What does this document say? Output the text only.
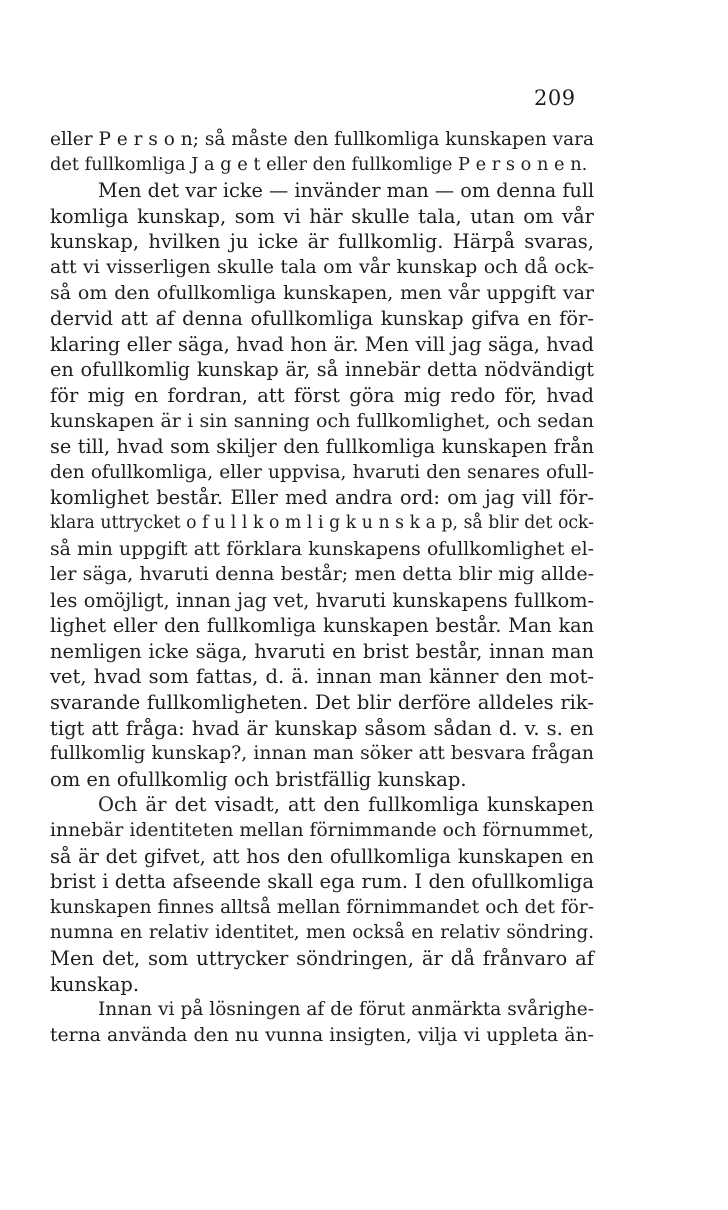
209
eller P e r s o n; så måste den fullkomliga kunskapen vara
det fullkomliga J a g e t eller den fullkomlige P e r s o n e n.
Men det var icke — invänder man — om denna full
komliga kunskap, som vi här skulle tala, utan om vår
kunskap, hvilken ju icke är fullkomlig. Härpå svaras,
att vi visserligen skulle tala om vår kunskap och då ock-
så om den ofullkomliga kunskapen, men vår uppgift var
dervid att af denna ofullkomliga kunskap gifva en för-
klaring eller säga, hvad hon är. Men vill jag säga, hvad
en ofullkomlig kunskap är, så innebär detta nödvändigt
för mig en fordran, att först göra mig redo för, hvad
kunskapen är i sin sanning och fullkomlighet, och sedan
se till, hvad som skiljer den fullkomliga kunskapen från
den ofullkomliga, eller uppvisa, hvaruti den senares ofull-
komlighet består. Eller med andra ord: om jag vill för-
klara uttrycket o f u l l k o m l i g k u n s k a p, så blir det ock-
så min uppgift att förklara kunskapens ofullkomlighet el-
ler säga, hvaruti denna består; men detta blir mig allde-
les omöjligt, innan jag vet, hvaruti kunskapens fullkom-
lighet eller den fullkomliga kunskapen består. Man kan
nemligen icke säga, hvaruti en brist består, innan man
vet, hvad som fattas, d. ä. innan man känner den mot-
svarande fullkomligheten. Det blir derföre alldeles rik-
tigt att fråga: hvad är kunskap såsom sådan d. v. s. en
fullkomlig kunskap?, innan man söker att besvara frågan
om en ofullkomlig och bristfällig kunskap.
Och är det visadt, att den fullkomliga kunskapen
innebär identiteten mellan förnimmande och förnummet,
så är det gifvet, att hos den ofullkomliga kunskapen en
brist i detta afseende skall ega rum. I den ofullkomliga
kunskapen finnes alltså mellan förnimmandet och det för-
numna en relativ identitet, men också en relativ söndring.
Men det, som uttrycker söndringen, är då frånvaro af
kunskap.
Innan vi på lösningen af de förut anmärkta svårighe-
terna använda den nu vunna insigten, vilja vi uppleta än-
